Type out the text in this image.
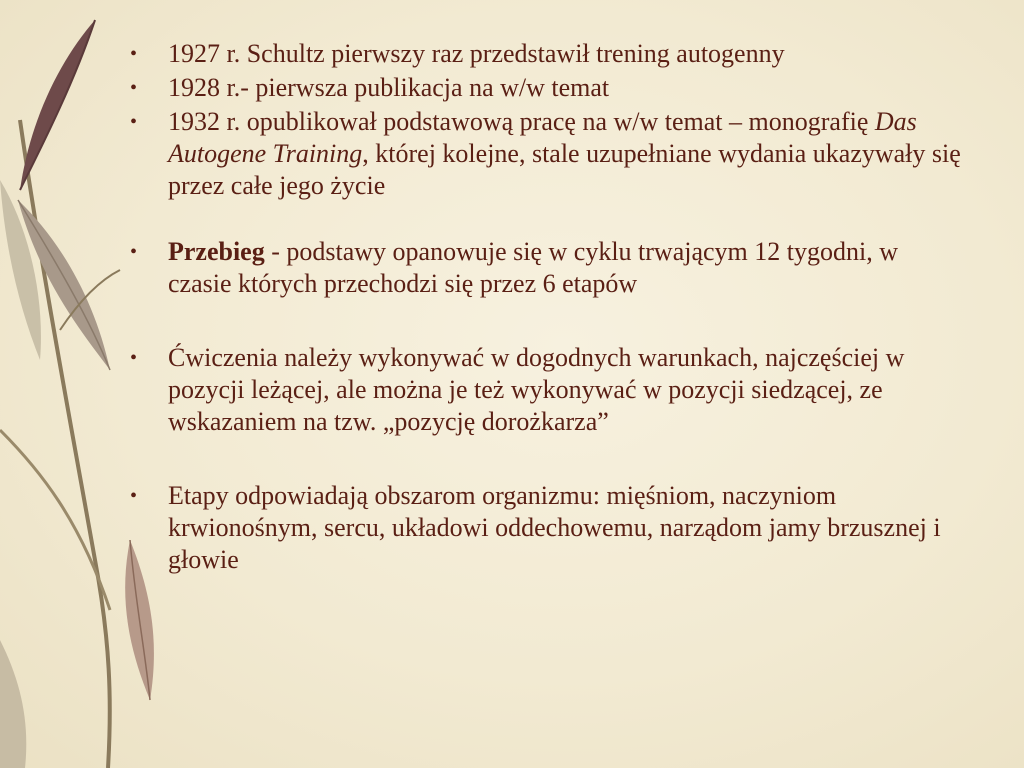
• 1927 r. Schultz pierwszy raz przedstawił trening autogenny

• 1928 r.- pierwsza publikacja na w/w temat

• 1932 r. opublikował podstawową pracę na w/w temat – monografię Das Autogene Training, której kolejne, stale uzupełniane wydania ukazywały się przez całe jego życie

• Przebieg - podstawy opanowuje się w cyklu trwającym 12 tygodni, w czasie których przechodzi się przez 6 etapów

• Ćwiczenia należy wykonywać w dogodnych warunkach, najczęściej w pozycji leżącej, ale można je też wykonywać w pozycji siedzącej, ze wskazaniem na tzw. „pozycję dorożkarza”

• Etapy odpowiadają obszarom organizmu: mięśniom, naczyniom krwionośnym, sercu, układowi oddechowemu, narządom jamy brzusznej i głowie
